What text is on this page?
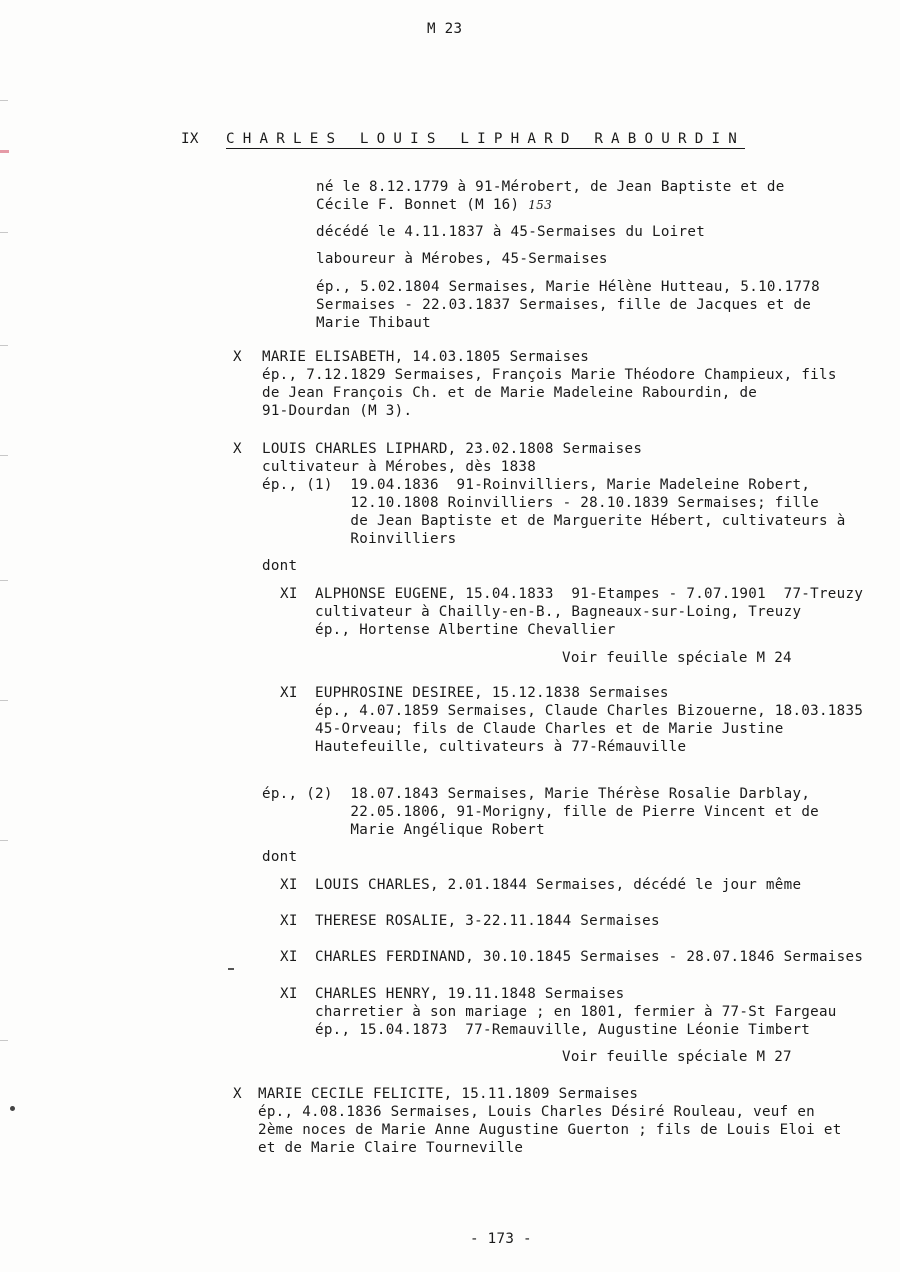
M 23
IX CHARLES LOUIS LIPHARD RABOURDIN
né le 8.12.1779 à 91-Mérobert, de Jean Baptiste et de
Cécile F. Bonnet (M 16) 153
décédé le 4.11.1837 à 45-Sermaises du Loiret
laboureur à Mérobes, 45-Sermaises
ép., 5.02.1804 Sermaises, Marie Hélène Hutteau, 5.10.1778
Sermaises - 22.03.1837 Sermaises, fille de Jacques et de
Marie Thibaut
X MARIE ELISABETH, 14.03.1805 Sermaises
ép., 7.12.1829 Sermaises, François Marie Théodore Champieux, fils
de Jean François Ch. et de Marie Madeleine Rabourdin, de
91-Dourdan (M 3).
X LOUIS CHARLES LIPHARD, 23.02.1808 Sermaises
cultivateur à Mérobes, dès 1838
ép., (1)  19.04.1836  91-Roinvilliers, Marie Madeleine Robert,
12.10.1808 Roinvilliers - 28.10.1839 Sermaises; fille
de Jean Baptiste et de Marguerite Hébert, cultivateurs à
Roinvilliers
dont
XI ALPHONSE EUGENE, 15.04.1833  91-Etampes - 7.07.1901  77-Treuzy
cultivateur à Chailly-en-B., Bagneaux-sur-Loing, Treuzy
ép., Hortense Albertine Chevallier
Voir feuille spéciale M 24
XI EUPHROSINE DESIREE, 15.12.1838 Sermaises
ép., 4.07.1859 Sermaises, Claude Charles Bizouerne, 18.03.1835
45-Orveau; fils de Claude Charles et de Marie Justine
Hautefeuille, cultivateurs à 77-Rémauville
ép., (2)  18.07.1843 Sermaises, Marie Thérèse Rosalie Darblay,
22.05.1806, 91-Morigny, fille de Pierre Vincent et de
Marie Angélique Robert
dont
XI LOUIS CHARLES, 2.01.1844 Sermaises, décédé le jour même
XI THERESE ROSALIE, 3-22.11.1844 Sermaises
XI CHARLES FERDINAND, 30.10.1845 Sermaises - 28.07.1846 Sermaises
XI CHARLES HENRY, 19.11.1848 Sermaises
charretier à son mariage ; en 1801, fermier à 77-St Fargeau
ép., 15.04.1873  77-Remauville, Augustine Léonie Timbert
Voir feuille spéciale M 27
X MARIE CECILE FELICITE, 15.11.1809 Sermaises
ép., 4.08.1836 Sermaises, Louis Charles Désiré Rouleau, veuf en
2ème noces de Marie Anne Augustine Guerton ; fils de Louis Eloi et
et de Marie Claire Tourneville
- 173 -
